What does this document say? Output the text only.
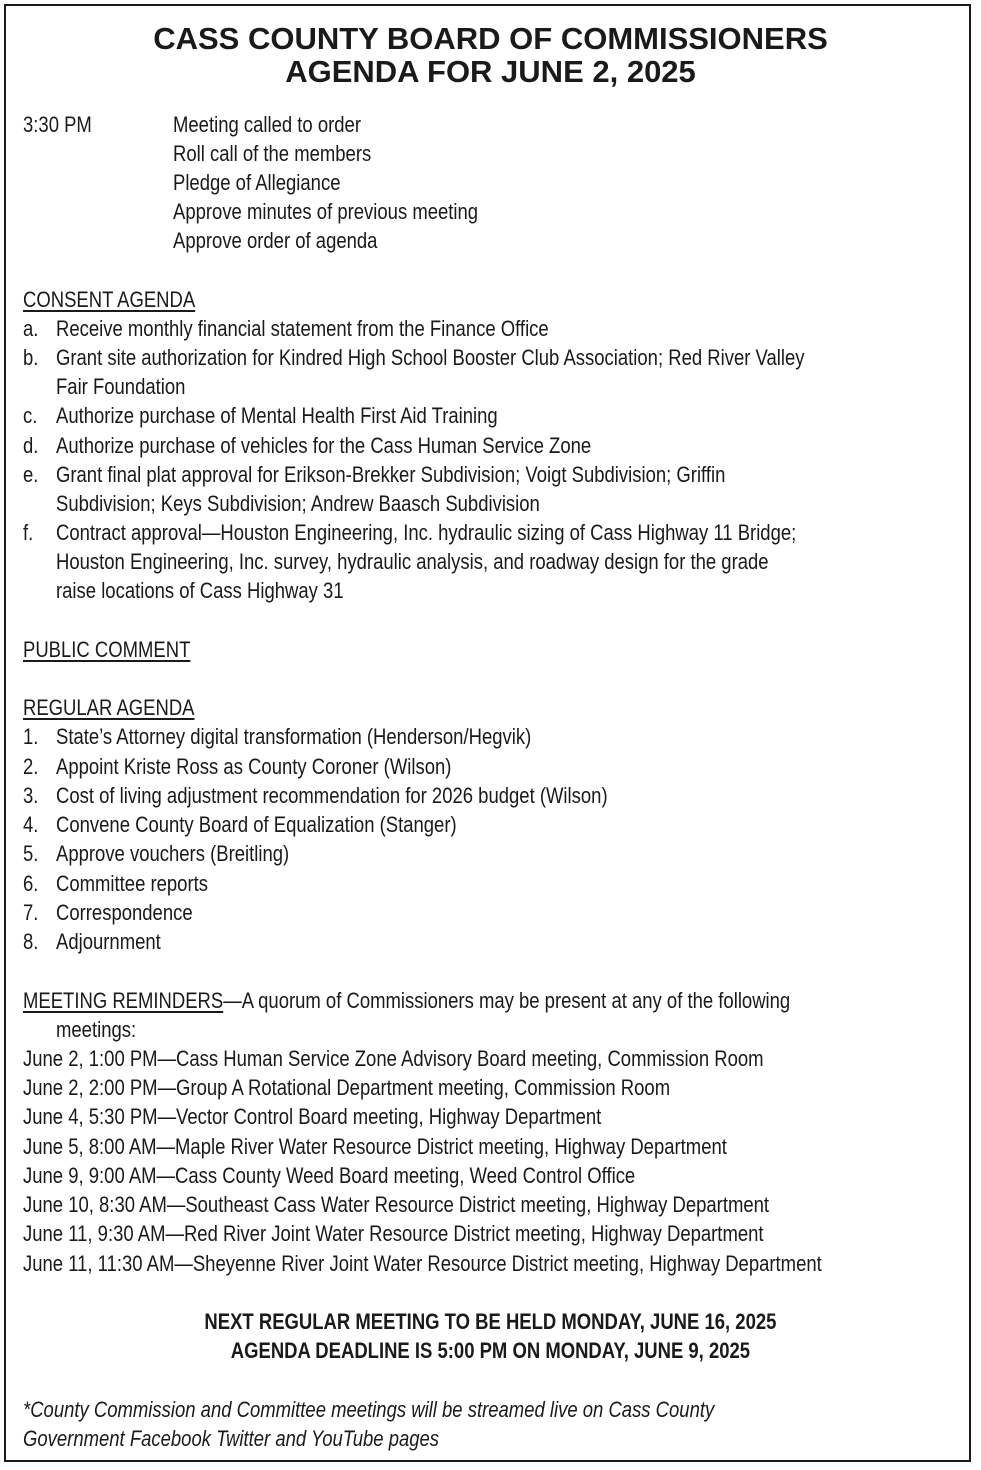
CASS COUNTY BOARD OF COMMISSIONERS
AGENDA FOR JUNE 2, 2025
3:30 PM	Meeting called to order
Roll call of the members
Pledge of Allegiance
Approve minutes of previous meeting
Approve order of agenda
CONSENT AGENDA
a. Receive monthly financial statement from the Finance Office
b. Grant site authorization for Kindred High School Booster Club Association; Red River Valley
Fair Foundation
c. Authorize purchase of Mental Health First Aid Training
d. Authorize purchase of vehicles for the Cass Human Service Zone
e. Grant final plat approval for Erikson-Brekker Subdivision; Voigt Subdivision; Griffin
Subdivision; Keys Subdivision; Andrew Baasch Subdivision
f. Contract approval—Houston Engineering, Inc. hydraulic sizing of Cass Highway 11 Bridge;
Houston Engineering, Inc. survey, hydraulic analysis, and roadway design for the grade
raise locations of Cass Highway 31
PUBLIC COMMENT
REGULAR AGENDA
1. State’s Attorney digital transformation (Henderson/Hegvik)
2. Appoint Kriste Ross as County Coroner (Wilson)
3. Cost of living adjustment recommendation for 2026 budget (Wilson)
4. Convene County Board of Equalization (Stanger)
5. Approve vouchers (Breitling)
6. Committee reports
7. Correspondence
8. Adjournment
MEETING REMINDERS—A quorum of Commissioners may be present at any of the following
meetings:
June 2, 1:00 PM—Cass Human Service Zone Advisory Board meeting, Commission Room
June 2, 2:00 PM—Group A Rotational Department meeting, Commission Room
June 4, 5:30 PM—Vector Control Board meeting, Highway Department
June 5, 8:00 AM—Maple River Water Resource District meeting, Highway Department
June 9, 9:00 AM—Cass County Weed Board meeting, Weed Control Office
June 10, 8:30 AM—Southeast Cass Water Resource District meeting, Highway Department
June 11, 9:30 AM—Red River Joint Water Resource District meeting, Highway Department
June 11, 11:30 AM—Sheyenne River Joint Water Resource District meeting, Highway Department
NEXT REGULAR MEETING TO BE HELD MONDAY, JUNE 16, 2025
AGENDA DEADLINE IS 5:00 PM ON MONDAY, JUNE 9, 2025
*County Commission and Committee meetings will be streamed live on Cass County
Government Facebook Twitter and YouTube pages
